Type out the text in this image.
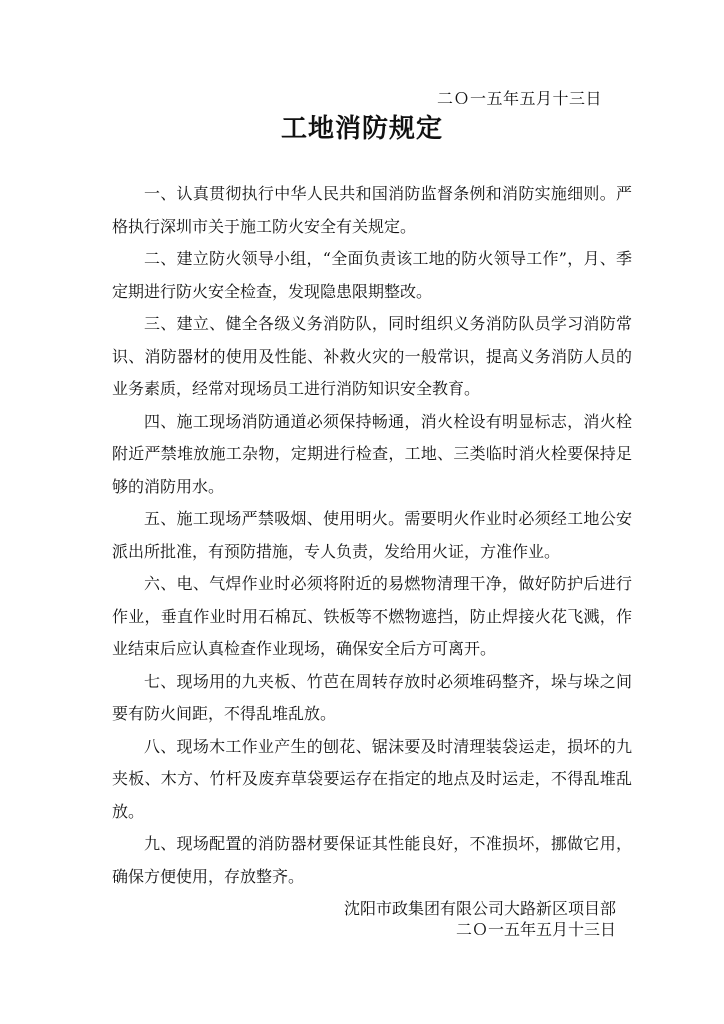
二Ｏ一五年五月十三日
工地消防规定

一、认真贯彻执行中华人民共和国消防监督条例和消防实施细则。严格执行深圳市关于施工防火安全有关规定。

二、建立防火领导小组，“全面负责该工地的防火领导工作”，月、季定期进行防火安全检查，发现隐患限期整改。

三、建立、健全各级义务消防队，同时组织义务消防队员学习消防常识、消防器材的使用及性能、补救火灾的一般常识，提高义务消防人员的业务素质，经常对现场员工进行消防知识安全教育。

四、施工现场消防通道必须保持畅通，消火栓设有明显标志，消火栓附近严禁堆放施工杂物，定期进行检查，工地、三类临时消火栓要保持足够的消防用水。

五、施工现场严禁吸烟、使用明火。需要明火作业时必须经工地公安派出所批准，有预防措施，专人负责，发给用火证，方准作业。

六、电、气焊作业时必须将附近的易燃物清理干净，做好防护后进行作业，垂直作业时用石棉瓦、铁板等不燃物遮挡，防止焊接火花飞溅，作业结束后应认真检查作业现场，确保安全后方可离开。

七、现场用的九夹板、竹芭在周转存放时必须堆码整齐，垛与垛之间要有防火间距，不得乱堆乱放。

八、现场木工作业产生的刨花、锯沫要及时清理装袋运走，损坏的九夹板、木方、竹杆及废弃草袋要运存在指定的地点及时运走，不得乱堆乱放。

九、现场配置的消防器材要保证其性能良好，不准损坏，挪做它用，确保方便使用，存放整齐。

沈阳市政集团有限公司大路新区项目部
二Ｏ一五年五月十三日
